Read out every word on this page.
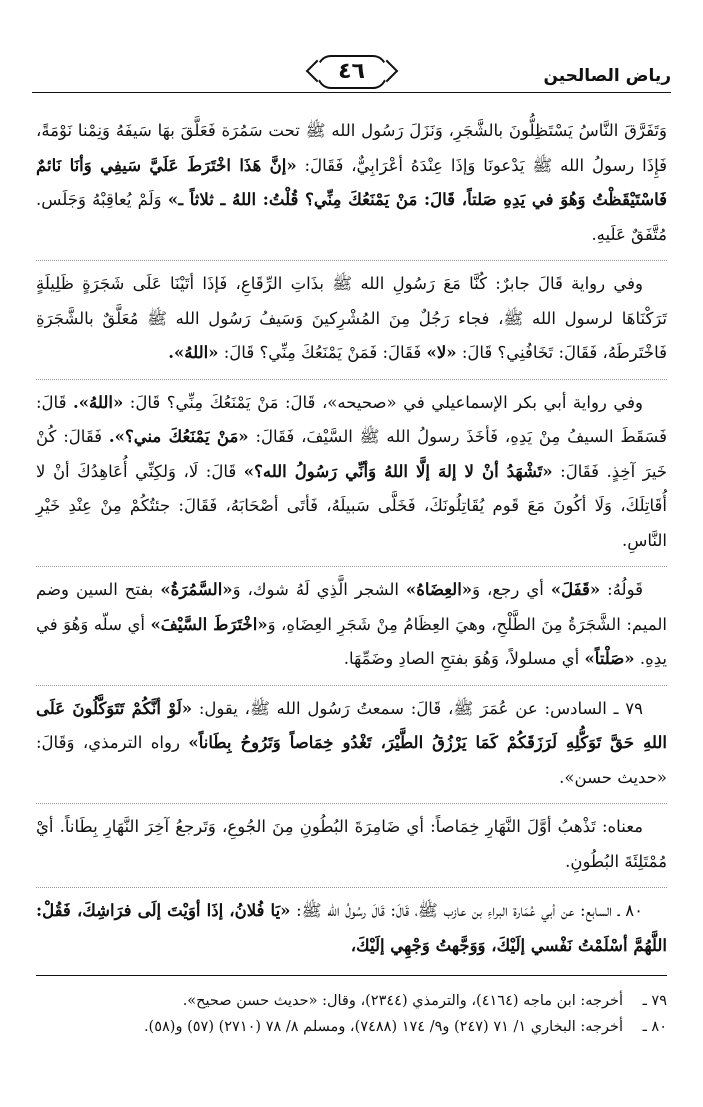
رياض الصالحين
٤٦

وَتَفَرَّقَ النَّاسُ يَسْتَظِلُّونَ بالشَّجَرِ، وَنَزَلَ رَسُول الله ﷺ تحت سَمُرَة فَعَلَّقَ بهَا سَيفَهُ وَنِمْنا نَوْمَةً، فَإِذَا رسولُ الله ﷺ يَدْعونَا وَإذَا عِنْدَهُ أعْرَابِيٌّ، فَقَالَ: «إنَّ هَذَا اخْتَرَطَ عَلَيَّ سَيفِي وَأنَا نَائمٌ فَاسْتَيْقَظْتُ وَهُوَ في يَدِهِ صَلتاً، قَالَ: مَنْ يَمْنَعُكَ مِنِّي؟ قُلْتُ: اللهُ ـ ثلاثاً ـ» وَلَمْ يُعاقِبْهُ وَجَلَس. مُتَّفَقٌ عَلَيهِ.

وفي رواية قَالَ جابرٌ: كُنَّا مَعَ رَسُولِ الله ﷺ بذَاتِ الرِّقَاعِ، فَإذَا أتَيْنَا عَلَى شَجَرَةٍ ظَلِيلَةٍ تَرَكْنَاهَا لرسول الله ﷺ، فجاء رَجُلٌ مِنَ المُشْرِكينَ وَسَيفُ رَسُول الله ﷺ مُعَلَّقٌ بالشَّجَرَةِ فَاخْتَرطَهُ، فَقَالَ: تَخَافُنِي؟ قَالَ: «لا» فَقَالَ: فَمَنْ يَمْنَعُكَ مِنِّي؟ قَالَ: «اللهُ».

وفي رواية أبي بكر الإسماعيلي في «صحيحه»، قَالَ: مَنْ يَمْنَعُكَ مِنِّي؟ قَالَ: «اللهُ». قَالَ: فَسَقَطَ السيفُ مِنْ يَدِهِ، فَأخَذَ رسولُ الله ﷺ السَّيْفَ، فَقَالَ: «مَنْ يَمْنَعُكَ مني؟». فَقَالَ: كُنْ خَيرَ آخِذٍ. فَقَالَ: «تَشْهَدُ أنْ لا إلهَ إلَّا اللهُ وَأنِّي رَسُولُ الله؟» قَالَ: لَا، وَلكِنِّي أُعَاهِدُكَ أنْ لا أُقَاتِلَكَ، وَلَا أكُونَ مَعَ قَوم يُقَاتِلُونَكَ، فَخَلَّى سَبيلَهُ، فَأتَى أصْحَابَهُ، فَقَالَ: جئتُكُمْ مِنْ عِنْدِ خَيْرِ النَّاسِ.

قَولُهُ: «قَفَلَ» أي رجع، وَ«العِضَاهُ» الشجر الَّذِي لَهُ شوك، وَ«السَّمُرَةُ» بفتح السين وضم الميم: الشَّجَرَةُ مِنَ الطَّلْحِ، وهيَ العِظَامُ مِنْ شَجَرِ العِضَاهِ، وَ«اخْتَرَطَ السَّيْفَ» أي سلّه وَهُوَ في يدِهِ. «صَلْتاً» أي مسلولاً، وَهُوَ بفتحِ الصادِ وضَمِّهَا.

٧٩ ـ السادس: عن عُمَرَ ﷺ، قَالَ: سمعتُ رَسُول الله ﷺ، يقول: «لَوْ أنَّكُمْ تَتَوَكَّلُونَ عَلَى اللهِ حَقَّ تَوَكُّلِهِ لَرَزَقَكُمْ كَمَا يَرْزُقُ الطَّيْرَ، تَغْدُو خِمَاصاً وَتَرُوحُ بِطَاناً» رواه الترمذي، وَقَالَ: «حديث حسن».

معناه: تَذْهبُ أوَّلَ النَّهَارِ خِمَاصاً: أي ضَامِرَةَ البُطُونِ مِنَ الجُوعِ، وَتَرجعُ آخِرَ النَّهَارِ بِطَاناً. أيْ مُمْتَلِئَةَ البُطُونِ.

٨٠ ـ السابع: عن أبي عُمَارة البراءِ بن عازب ﷺ، قَالَ: قَالَ رسُولُ الله ﷺ: «يَا فُلانُ، إذَا أوَيْتَ إلَى فرَاشِكَ، فَقُلْ: اللَّهُمَّ أسْلَمْتُ نَفْسي إلَيْكَ، وَوَجَّهتُ وَجْهِي إلَيْكَ،

٧٩ ـ
أخرجه: ابن ماجه (٤١٦٤)، والترمذي (٢٣٤٤)، وقال: «حديث حسن صحيح».
٨٠ ـ
أخرجه: البخاري ١/ ٧١ (٢٤٧) و٩/ ١٧٤ (٧٤٨٨)، ومسلم ٨/ ٧٨ (٢٧١٠) (٥٧) و(٥٨).
